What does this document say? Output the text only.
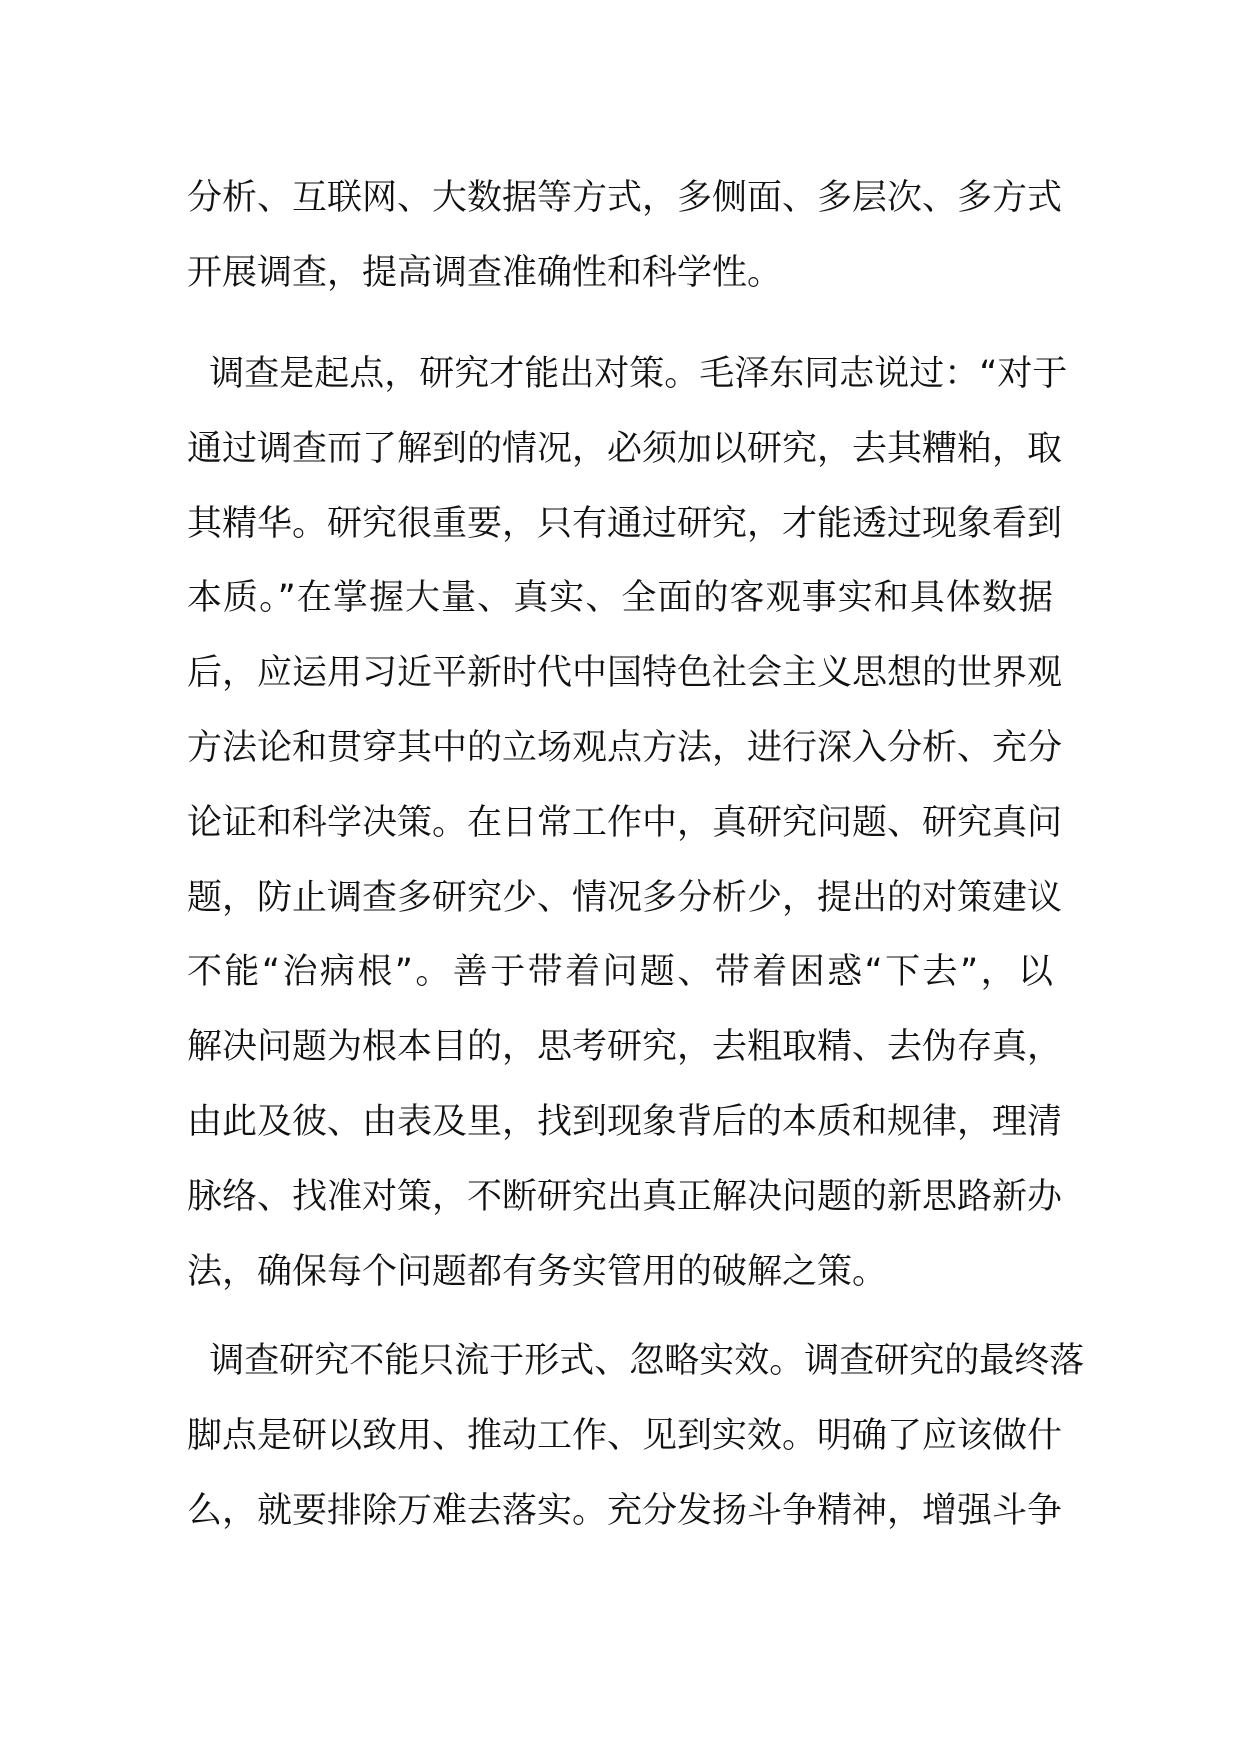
分析、互联网、大数据等方式，多侧面、多层次、多方式
开展调查，提高调查准确性和科学性。

调查是起点，研究才能出对策。毛泽东同志说过：“对于
通过调查而了解到的情况，必须加以研究，去其糟粕，取
其精华。研究很重要，只有通过研究，才能透过现象看到
本质。”在掌握大量、真实、全面的客观事实和具体数据
后，应运用习近平新时代中国特色社会主义思想的世界观
方法论和贯穿其中的立场观点方法，进行深入分析、充分
论证和科学决策。在日常工作中，真研究问题、研究真问
题，防止调查多研究少、情况多分析少，提出的对策建议
不能“治病根”。善于带着问题、带着困惑“下去”，以
解决问题为根本目的，思考研究，去粗取精、去伪存真，
由此及彼、由表及里，找到现象背后的本质和规律，理清
脉络、找准对策，不断研究出真正解决问题的新思路新办
法，确保每个问题都有务实管用的破解之策。

调查研究不能只流于形式、忽略实效。调查研究的最终落
脚点是研以致用、推动工作、见到实效。明确了应该做什
么，就要排除万难去落实。充分发扬斗争精神，增强斗争
